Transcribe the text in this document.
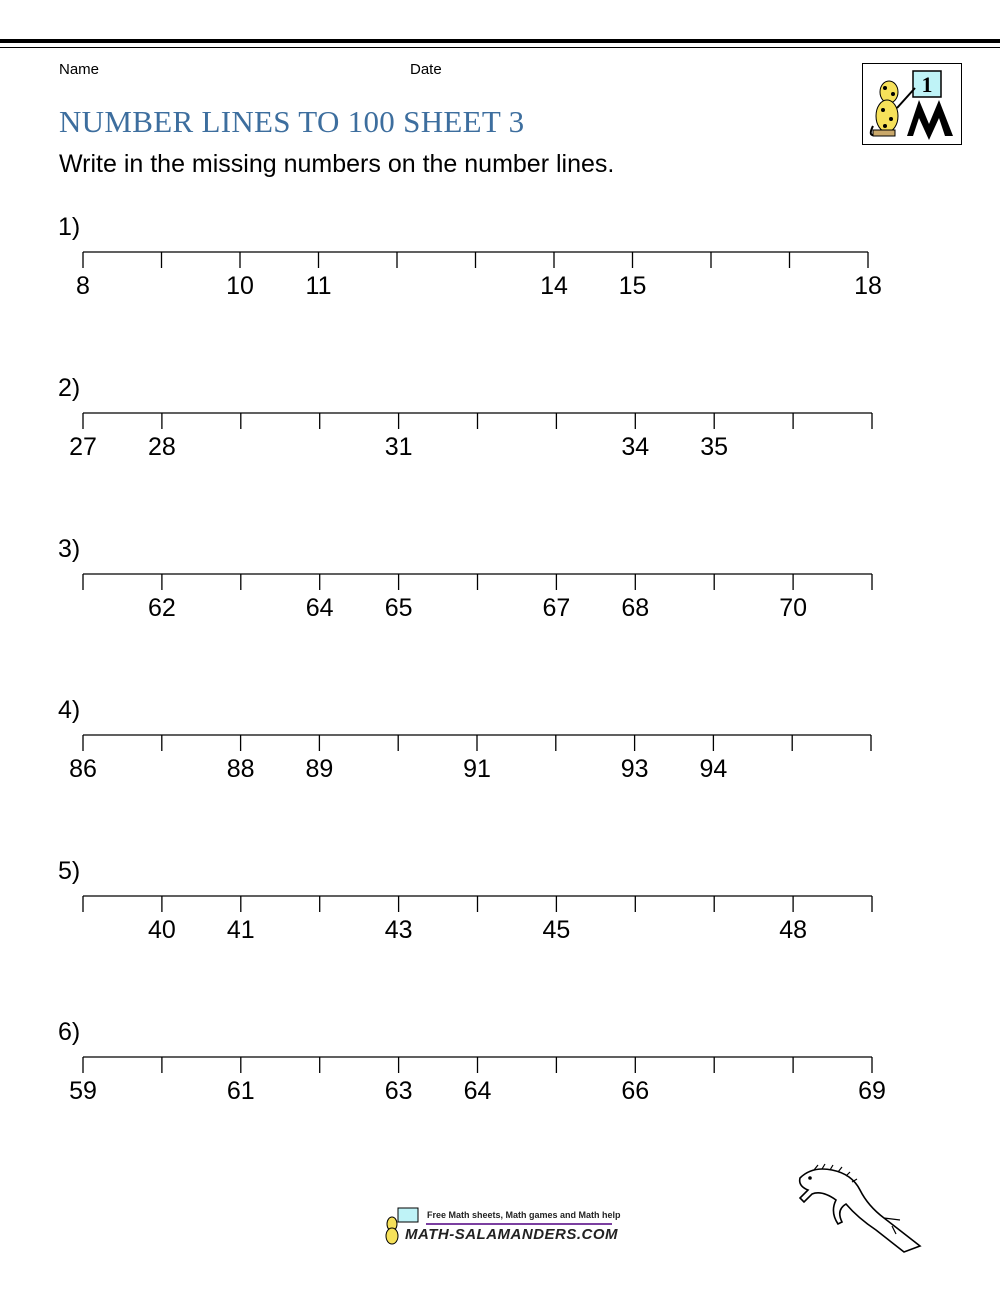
Name	Date
NUMBER LINES TO 100 SHEET 3
Write in the missing numbers on the number lines.
1
1)
8	10 11	14 15	18
2)
27 28	31	34 35
3)
62	64 65	67 68	70
4)
86	88 89	91	93 94
5)
40 41	43	45	48
6)
59	61	63 64	66	69
Free Math sheets, Math games and Math help
MATH-SALAMANDERS.COM
